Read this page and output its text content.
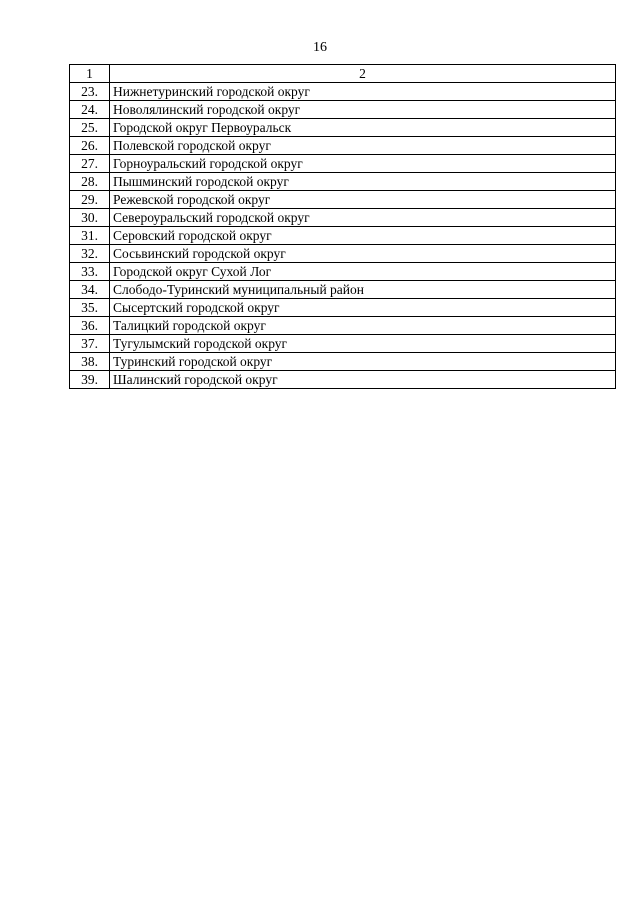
16
1	2
23.	Нижнетуринский городской округ
24.	Новолялинский городской округ
25.	Городской округ Первоуральск
26.	Полевской городской округ
27.	Горноуральский городской округ
28.	Пышминский городской округ
29.	Режевской городской округ
30.	Североуральский городской округ
31.	Серовский городской округ
32.	Сосьвинский городской округ
33.	Городской округ Сухой Лог
34.	Слободо-Туринский муниципальный район
35.	Сысертский городской округ
36.	Талицкий городской округ
37.	Тугулымский городской округ
38.	Туринский городской округ
39.	Шалинский городской округ
